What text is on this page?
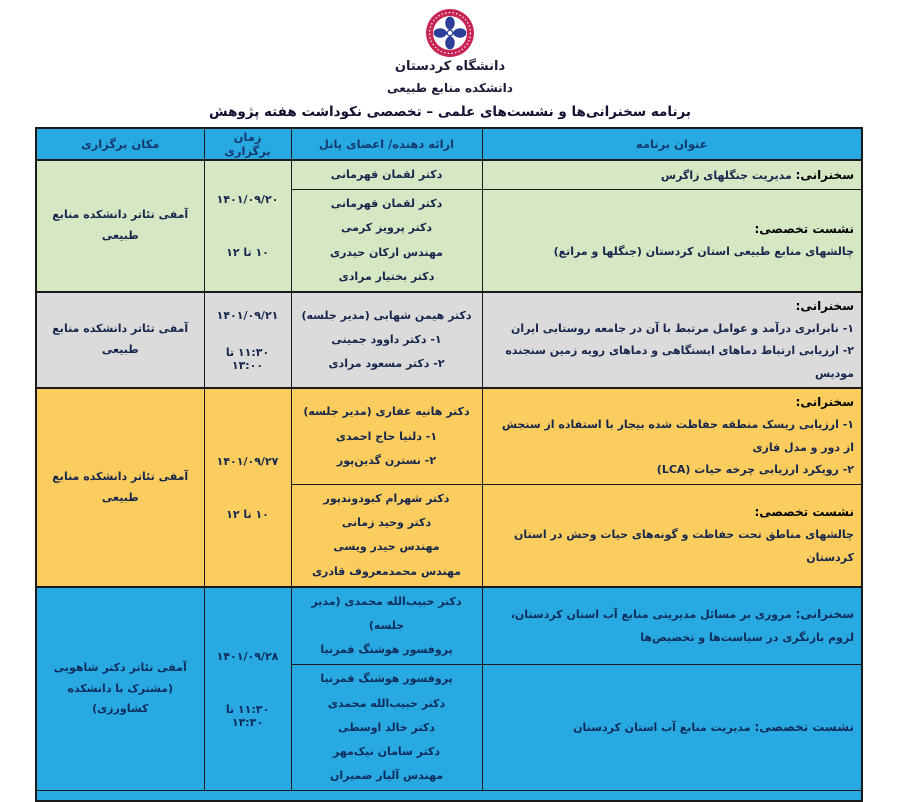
دانشگاه کردستان
دانشکده منابع طبیعی
برنامه سخنرانی‌ها و نشست‌های علمی – تخصصی نکوداشت هفته پژوهش
عنوان برنامه	ارائه دهنده/ اعضای پانل	زمان برگزاری	مکان برگزاری
سخنرانی: مدیریت جنگلهای زاگرس	دکتر لقمان قهرمانی	۱۴۰۱/۰۹/۲۰
۱۰ تا ۱۲	آمفی تئاتر دانشکده منابع طبیعی

نشست تخصصی:
چالشهای منابع طبیعی استان کردستان (جنگلها و مراتع)

دکتر لقمان قهرمانی
دکتر پرویز کرمی
مهندس ارکان حیدری
دکتر بختیار مرادی

سخنرانی:
۱- نابرابری درآمد و عوامل مرتبط با آن در جامعه روستایی ایران
۲- ارزیابی ارتباط دماهای ایستگاهی و دماهای رویه زمین سنجنده مودیس

دکتر هیمن شهابی (مدیر جلسه)
۱- دکتر داوود جمینی
۲- دکتر مسعود مرادی

۱۴۰۱/۰۹/۲۱
۱۱:۳۰ تا ۱۳:۰۰

آمفی تئاتر دانشکده منابع طبیعی

سخنرانی:
۱- ارزیابی ریسک منطقه حفاظت شده بیجار با استفاده از سنجش از دور و مدل فازی
۲- رویکرد ارزیابی چرخه حیات (LCA)

دکتر هانیه غفاری (مدیر جلسه)
۱- دلنیا حاج احمدی
۲- نسترن گدین‌پور

۱۴۰۱/۰۹/۲۷
۱۰ تا ۱۲

آمفی تئاتر دانشکده منابع طبیعی

نشست تخصصی:
چالشهای مناطق تحت حفاظت و گونه‌های حیات وحش در استان کردستان

دکتر شهرام کبودوندپور
دکتر وحید زمانی
مهندس حیدر ویسی
مهندس محمدمعروف قادری

سخنرانی: مروری بر مسائل مدیریتی منابع آب استان کردستان، لزوم بازنگری در سیاست‌ها و تخصیص‌ها	
دکتر حبیب‌الله محمدی (مدیر جلسه)
پروفسور هوشنگ قمرنیا

۱۴۰۱/۰۹/۲۸
۱۱:۳۰ تا ۱۳:۳۰

آمفی تئاتر دکتر شاهویی
(مشترک با دانشکده کشاورزی)

نشست تخصصی: مدیریت منابع آب استان کردستان	پروفسور هوشنگ قمرنیا
دکتر حبیب‌الله محمدی
دکتر خالد اوسطی
دکتر سامان نیک‌مهر
مهندس آلیار ضمیران		
